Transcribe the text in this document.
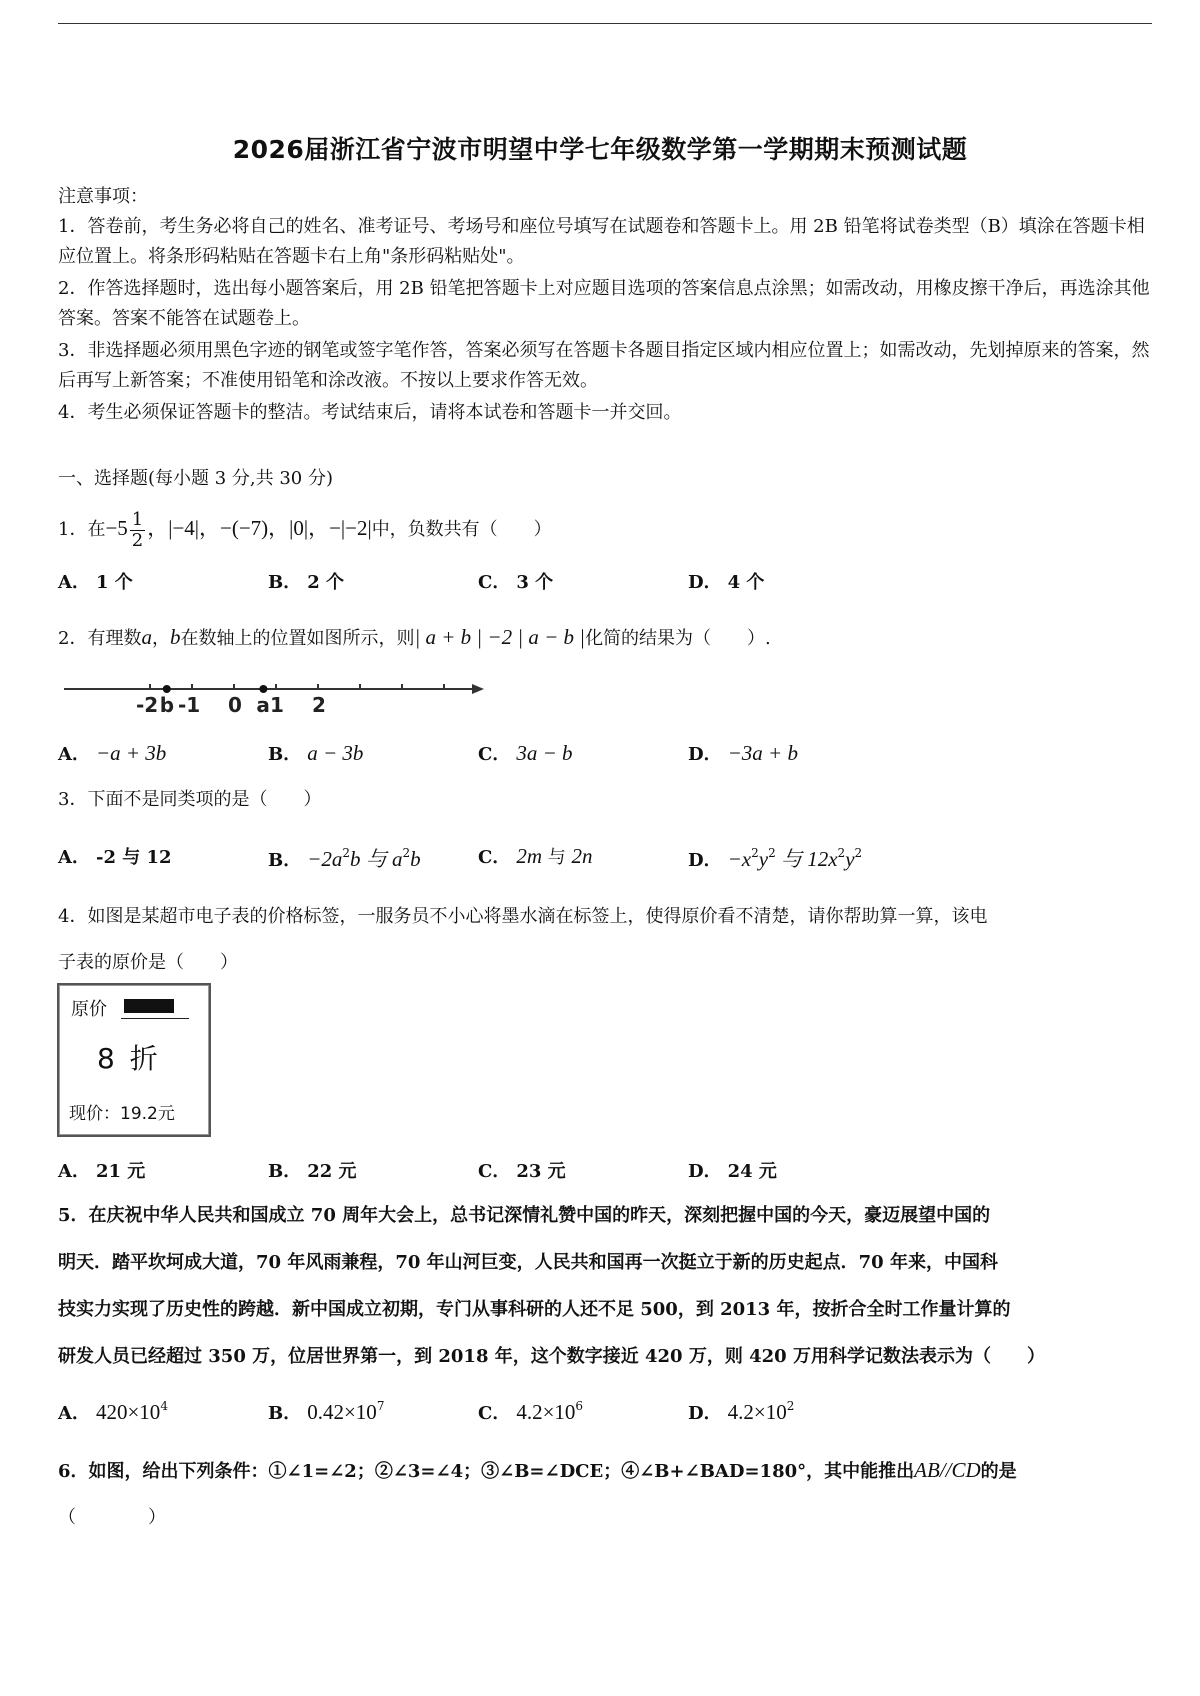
2026届浙江省宁波市明望中学七年级数学第一学期期末预测试题
注意事项：
1．答卷前，考生务必将自己的姓名、准考证号、考场号和座位号填写在试题卷和答题卡上。用 2B 铅笔将试卷类型（B）填涂在答题卡相应位置上。将条形码粘贴在答题卡右上角"条形码粘贴处"。
2．作答选择题时，选出每小题答案后，用 2B 铅笔把答题卡上对应题目选项的答案信息点涂黑；如需改动，用橡皮擦干净后，再选涂其他答案。答案不能答在试题卷上。
3．非选择题必须用黑色字迹的钢笔或签字笔作答，答案必须写在答题卡各题目指定区域内相应位置上；如需改动，先划掉原来的答案，然后再写上新答案；不准使用铅笔和涂改液。不按以上要求作答无效。
4．考生必须保证答题卡的整洁。考试结束后，请将本试卷和答题卡一并交回。
一、选择题(每小题 3 分,共 30 分)
1．在$-5 \frac{1}{2}$ ，|−4|，−(−7)，|0|，−|−2|中，负数共有（　　）
A． 1 个	B． 2 个	C． 3 个	D． 4 个
2．有理数a，b在数轴上的位置如图所示，则| a + b | −2 | a − b |化简的结果为（　　）.
-2 -1 0 1 2
b	a
A． −a + 3b	B． a − 3b	C． 3a − b	D． −3a + b
3．下面不是同类项的是（　　）
A． -2 与 12	B． $-2a^2b$ 与 $a^2b$	C． 2m 与 2n	D． $-x^2y^2$ 与 $12x^2y^2$
4．如图是某超市电子表的价格标签，一服务员不小心将墨水滴在标签上，使得原价看不清楚，请你帮助算一算，该电
子表的原价是（　　）
原价
8 折
现价：19.2元
A． 21 元	B． 22 元	C． 23 元	D． 24 元
5．在庆祝中华人民共和国成立 70 周年大会上，总书记深情礼赞中国的昨天，深刻把握中国的今天，豪迈展望中国的
明天．踏平坎坷成大道，70 年风雨兼程，70 年山河巨变，人民共和国再一次挺立于新的历史起点．70 年来，中国科
技实力实现了历史性的跨越．新中国成立初期，专门从事科研的人还不足 500，到 2013 年，按折合全时工作量计算的
研发人员已经超过 350 万，位居世界第一，到 2018 年，这个数字接近 420 万，则 420 万用科学记数法表示为（　　）
A． $420\times 10^4$	B． $0.42\times 10^7$	C． $4.2\times 10^6$	D． $4.2\times 10^2$
6．如图，给出下列条件：①∠1=∠2；②∠3=∠4；③∠B=∠DCE；④∠B+∠BAD=180°，其中能推出AB//CD的是
（　　　　）
